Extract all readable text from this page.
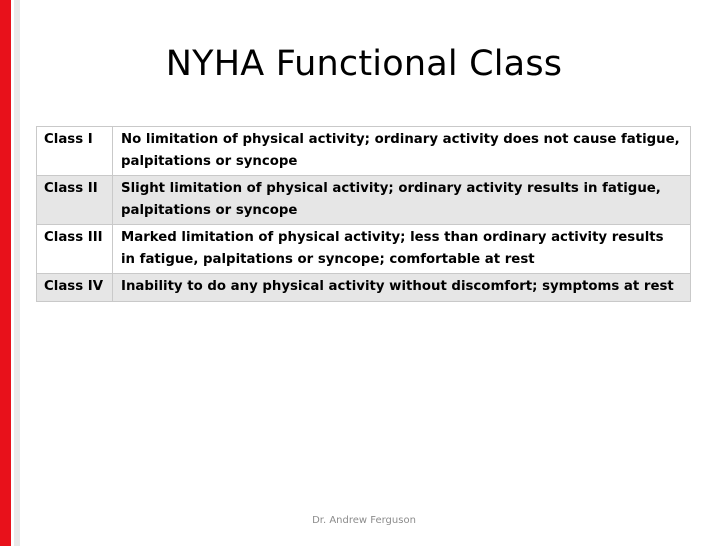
NYHA Functional Class
Class I	No limitation of physical activity; ordinary activity does not cause fatigue, palpitations or syncope
Class II	Slight limitation of physical activity; ordinary activity results in fatigue, palpitations or syncope
Class III	Marked limitation of physical activity; less than ordinary activity results in fatigue, palpitations or syncope; comfortable at rest
Class IV	Inability to do any physical activity without discomfort; symptoms at rest
Dr. Andrew Ferguson
